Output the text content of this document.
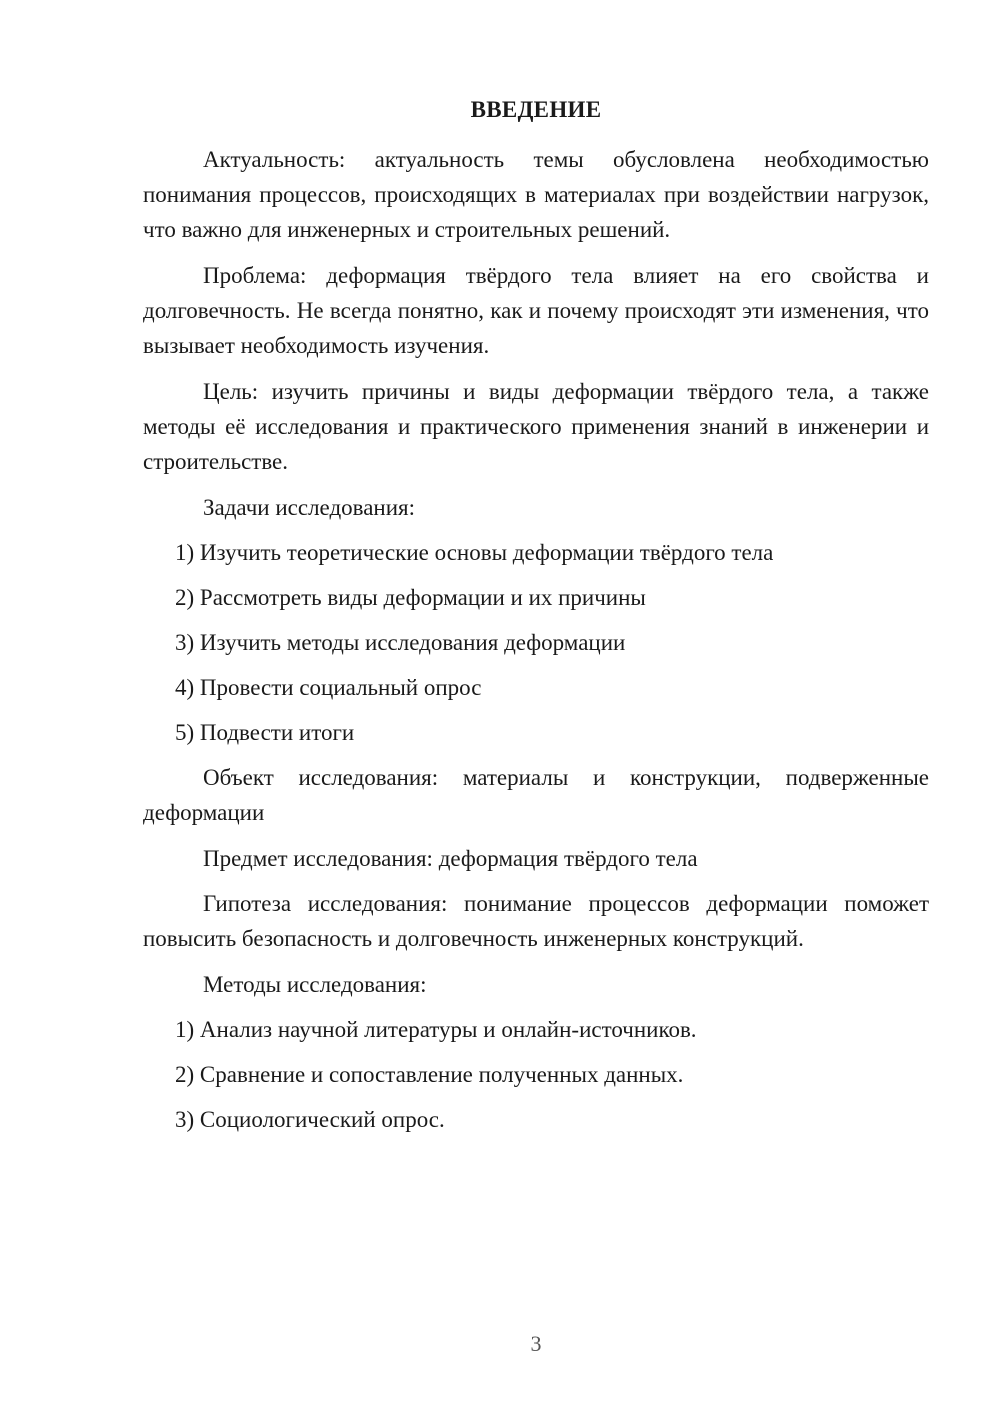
ВВЕДЕНИЕ

Актуальность: актуальность темы обусловлена необходимостью понимания процессов, происходящих в материалах при воздействии нагрузок, что важно для инженерных и строительных решений.

Проблема: деформация твёрдого тела влияет на его свойства и долговечность. Не всегда понятно, как и почему происходят эти изменения, что вызывает необходимость изучения.

Цель: изучить причины и виды деформации твёрдого тела, а также методы её исследования и практического применения знаний в инженерии и строительстве.

Задачи исследования:

1) Изучить теоретические основы деформации твёрдого тела
2) Рассмотреть виды деформации и их причины
3) Изучить методы исследования деформации
4) Провести социальный опрос
5) Подвести итоги

Объект исследования: материалы и конструкции, подверженные деформации

Предмет исследования: деформация твёрдого тела

Гипотеза исследования: понимание процессов деформации поможет повысить безопасность и долговечность инженерных конструкций.

Методы исследования:

1) Анализ научной литературы и онлайн-источников.
2) Сравнение и сопоставление полученных данных.
3) Социологический опрос.
3
